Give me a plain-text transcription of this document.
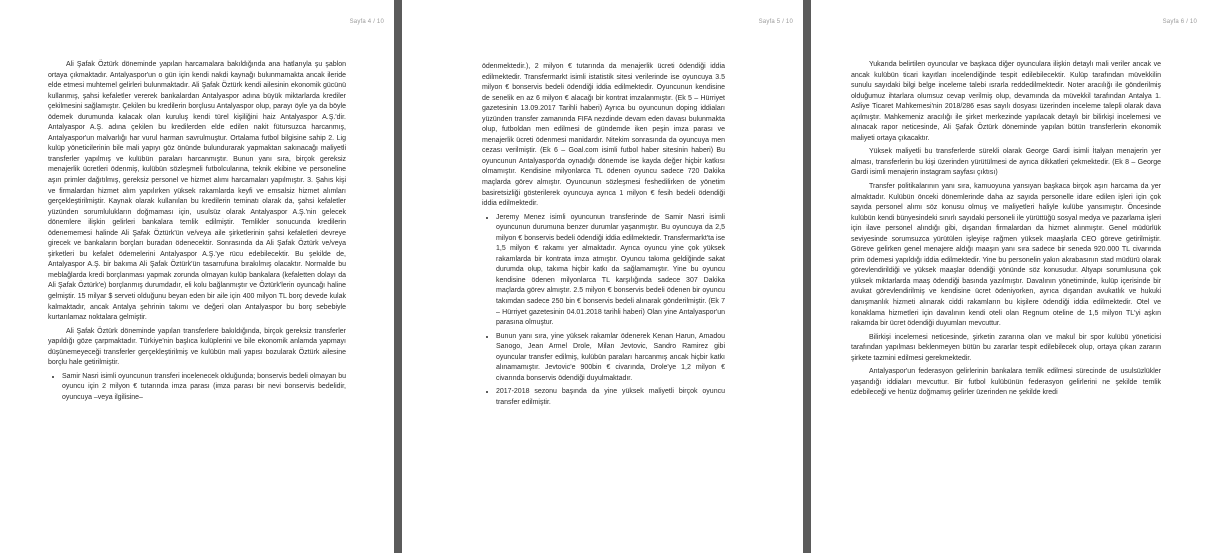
Sayfa 4 / 10

Ali Şafak Öztürk döneminde yapılan harcamalara bakıldığında ana hatlarıyla şu şablon ortaya çıkmaktadır. Antalyaspor'un o gün için kendi nakdi kaynağı bulunmamakta ancak ileride elde etmesi muhtemel gelirleri bulunmaktadır. Ali Şafak Öztürk kendi ailesinin ekonomik gücünü kullanmış, şahsi kefaletler vererek bankalardan Antalyaspor adına büyük miktarlarda krediler çekilmesini sağlamıştır. Çekilen bu kredilerin borçlusu Antalyaspor olup, parayı öyle ya da böyle ödemek durumunda kalacak olan kuruluş kendi türel kişiliğini haiz Antalyaspor A.Ş.'dir. Antalyaspor A.Ş. adına çekilen bu kredilerden elde edilen nakit fütursuzca harcanmış, Antalyaspor'un malvarlığı har vurul harman savrulmuştur. Ortalama futbol bilgisine sahip 2. Lig kulüp yöneticilerinin bile mali yapıyı göz önünde bulundurarak yapmaktan sakınacağı maliyetli transferler yapılmış ve kulübün paraları harcanmıştır. Bunun yanı sıra, birçok gereksiz menajerlik ücretleri ödenmiş, kulübün sözleşmeli futbolcularına, teknik ekibine ve personeline aşırı primler dağıtılmış, gereksiz personel ve hizmet alımı harcamaları yapılmıştır. 3. Şahıs kişi ve firmalardan hizmet alım yapılırken yüksek rakamlarda keyfi ve emsalsiz hizmet alımları gerçekleştirilmiştir. Kaynak olarak kullanılan bu kredilerin teminatı olarak da, şahsi kefaletler yüzünden sorumlulukların doğmaması için, usulsüz olarak Antalyaspor A.Ş.'nin gelecek dönemlere ilişkin gelirleri bankalara temlik edilmiştir. Temlikler sonucunda kredilerin ödenememesi halinde Ali Şafak Öztürk'ün ve/veya aile şirketlerinin şahsi kefaletleri devreye girecek ve bankaların borçları buradan ödenecektir. Sonrasında da Ali Şafak Öztürk ve/veya şirketleri bu kefalet ödemelerini Antalyaspor A.Ş.'ye rücu edebilecektir. Bu şekilde de, Antalyaspor A.Ş. bir bakıma Ali Şafak Öztürk'ün tasarrufuna bırakılmış olacaktır. Normalde bu meblağlarda kredi borçlanması yapmak zorunda olmayan kulüp bankalara (kefaletten dolayı da Ali Şafak Öztürk'e) borçlanmış durumdadır, eli kolu bağlanmıştır ve Öztürk'lerin oyuncağı haline gelmiştir. 15 milyar $ serveti olduğunu beyan eden bir aile için 400 milyon TL borç devede kulak kalmaktadır, ancak Antalya şehrinin takımı ve değeri olan Antalyaspor bu borç sebebiyle kurtarılamaz noktalara gelmiştir.

Ali Şafak Öztürk döneminde yapılan transferlere bakıldığında, birçok gereksiz transferler yapıldığı göze çarpmaktadır. Türkiye'nin başlıca kulüplerini ve bile ekonomik anlamda yapmayı düşünemeyeceği transferler gerçekleştirilmiş ve kulübün mali yapısı bozularak Öztürk ailesine borçlu hale getirilmiştir.

• Samir Nasri isimli oyuncunun transferi incelenecek olduğunda; bonservis bedeli olmayan bu oyuncu için 2 milyon € tutarında imza parası (imza parası bir nevi bonservis bedelidir, oyuncuya –veya ilgilisine–
Sayfa 5 / 10

ödenmektedir.), 2 milyon € tutarında da menajerlik ücreti ödendiği iddia edilmektedir. Transfermarkt isimli istatistik sitesi verilerinde ise oyuncuya 3.5 milyon € bonservis bedeli ödendiği iddia edilmektedir. Oyuncunun kendisine de senelik en az 6 milyon € alacağı bir kontrat imzalanmıştır. (Ek 5 – Hürriyet gazetesinin 13.09.2017 Tarihli haberi) Ayrıca bu oyuncunun doping iddiaları yüzünden transfer zamanında FIFA nezdinde devam eden davası bulunmakta olup, futboldan men edilmesi de gündemde iken peşin imza parası ve menajerlik ücreti ödenmesi manidardır. Nitekim sonrasında da oyuncuya men cezası verilmiştir. (Ek 6 – Goal.com isimli futbol haber sitesinin haberi) Bu oyuncunun Antalyaspor'da oynadığı dönemde ise kayda değer hiçbir katkısı olmamıştır. Kendisine milyonlarca TL ödenen oyuncu sadece 720 Dakika maçlarda görev almıştır. Oyuncunun sözleşmesi feshedilirken de yönetim basiretsizliği gösterilerek oyuncuya ayrıca 1 milyon € fesih bedeli ödendiği iddia edilmektedir.

• Jeremy Menez isimli oyuncunun transferinde de Samir Nasri isimli oyuncunun durumuna benzer durumlar yaşanmıştır. Bu oyuncuya da 2,5 milyon € bonservis bedeli ödendiği iddia edilmektedir. Transfermarkt'ta ise 1,5 milyon € rakamı yer almaktadır. Ayrıca oyuncu yine çok yüksek rakamlarda bir kontrata imza atmıştır. Oyuncu takıma geldiğinde sakat durumda olup, takıma hiçbir katkı da sağlamamıştır. Yine bu oyuncu kendisine ödenen milyonlarca TL karşılığında sadece 307 Dakika maçlarda görev almıştır. 2.5 milyon € bonservis bedeli ödenen bir oyuncu takımdan sadece 250 bin € bonservis bedeli alınarak gönderilmiştir. (Ek 7 – Hürriyet gazetesinin 04.01.2018 tarihli haberi) Olan yine Antalyaspor'un parasına olmuştur.
• Bunun yanı sıra, yine yüksek rakamlar ödenerek Kenan Harun, Amadou Sanogo, Jean Armel Drole, Milan Jevtovic, Sandro Ramirez gibi oyuncular transfer edilmiş, kulübün paraları harcanmış ancak hiçbir katkı alınamamıştır. Jevtovic'e 900bin € civarında, Drole'ye 1,2 milyon € civarında bonservis ödendiği duyulmaktadır.
• 2017-2018 sezonu başında da yine yüksek maliyetli birçok oyuncu transfer edilmiştir.
Sayfa 6 / 10

Yukarıda belirtilen oyuncular ve başkaca diğer oyunculara ilişkin detaylı mali veriler ancak ve ancak kulübün ticari kayıtları incelendiğinde tespit edilebilecektir. Kulüp tarafından müvekkilin sunulu sayıdaki bilgi belge inceleme talebi ısrarla reddedilmektedir. Noter aracılığı ile gönderilmiş olduğumuz ihtarlara olumsuz cevap verilmiş olup, devamında da müvekkil tarafından Antalya 1. Asliye Ticaret Mahkemesi'nin 2018/286 esas sayılı dosyası üzerinden inceleme talepli olarak dava açılmıştır. Mahkemeniz aracılığı ile şirket merkezinde yapılacak detaylı bir bilirkişi incelemesi ve alınacak rapor neticesinde, Ali Şafak Öztürk döneminde yapılan bütün transferlerin ekonomik maliyeti ortaya çıkacaktır.

Yüksek maliyetli bu transferlerde sürekli olarak George Gardi isimli İtalyan menajerin yer alması, transferlerin bu kişi üzerinden yürütülmesi de ayrıca dikkatleri çekmektedir. (Ek 8 – George Gardi isimli menajerin instagram sayfası çıktısı)

Transfer politikalarının yanı sıra, kamuoyuna yansıyan başkaca birçok aşırı harcama da yer almaktadır. Kulübün önceki dönemlerinde daha az sayıda personelle idare edilen işleri için çok sayıda personel alımı söz konusu olmuş ve maliyetleri haliyle kulübe yansımıştır. Öncesinde kulübün kendi bünyesindeki sınırlı sayıdaki personeli ile yürüttüğü sosyal medya ve pazarlama işleri için ilave personel alındığı gibi, dışarıdan firmalardan da hizmet alınmıştır. Genel müdürlük seviyesinde sorumsuzca yürütülen işleyişe rağmen yüksek maaşlarla CEO göreve getirilmiştir. Göreve gelirken genel menajere aldığı maaşın yanı sıra sadece bir seneda 920.000 TL civarında prim ödemesi yapıldığı iddia edilmektedir. Yine bu personelin yakın akrabasının stad müdürü olarak görevlendirildiği ve yüksek maaşlar ödendiği yönünde söz konusudur. Altyapı sorumlusuna çok yüksek miktarlarda maaş ödendiği basında yazılmıştır. Davalının yönetiminde, kulüp içerisinde bir avukat görevlendirilmiş ve kendisine ücret ödeniyorken, ayrıca dışarıdan avukatlık ve hukuki danışmanlık hizmeti alınarak ciddi rakamların bu kişilere ödendiği iddia edilmektedir. Otel ve konaklama hizmetleri için davalının kendi oteli olan Regnum oteline de 1,5 milyon TL'yi aşkın rakamda bir ücret ödendiği duyumları mevcuttur.

Bilirkişi incelemesi neticesinde, şirketin zararına olan ve makul bir spor kulübü yöneticisi tarafından yapılması beklenmeyen bütün bu zararlar tespit edilebilecek olup, ortaya çıkan zararın şirkete tazmini edilmesi gerekmektedir.

Antalyaspor'un federasyon gelirlerinin bankalara temlik edilmesi sürecinde de usulsüzlükler yaşandığı iddiaları mevcuttur. Bir futbol kulübünün federasyon gelirlerini ne şekilde temlik edebileceği ve henüz doğmamış gelirler üzerinden ne şekilde kredi
